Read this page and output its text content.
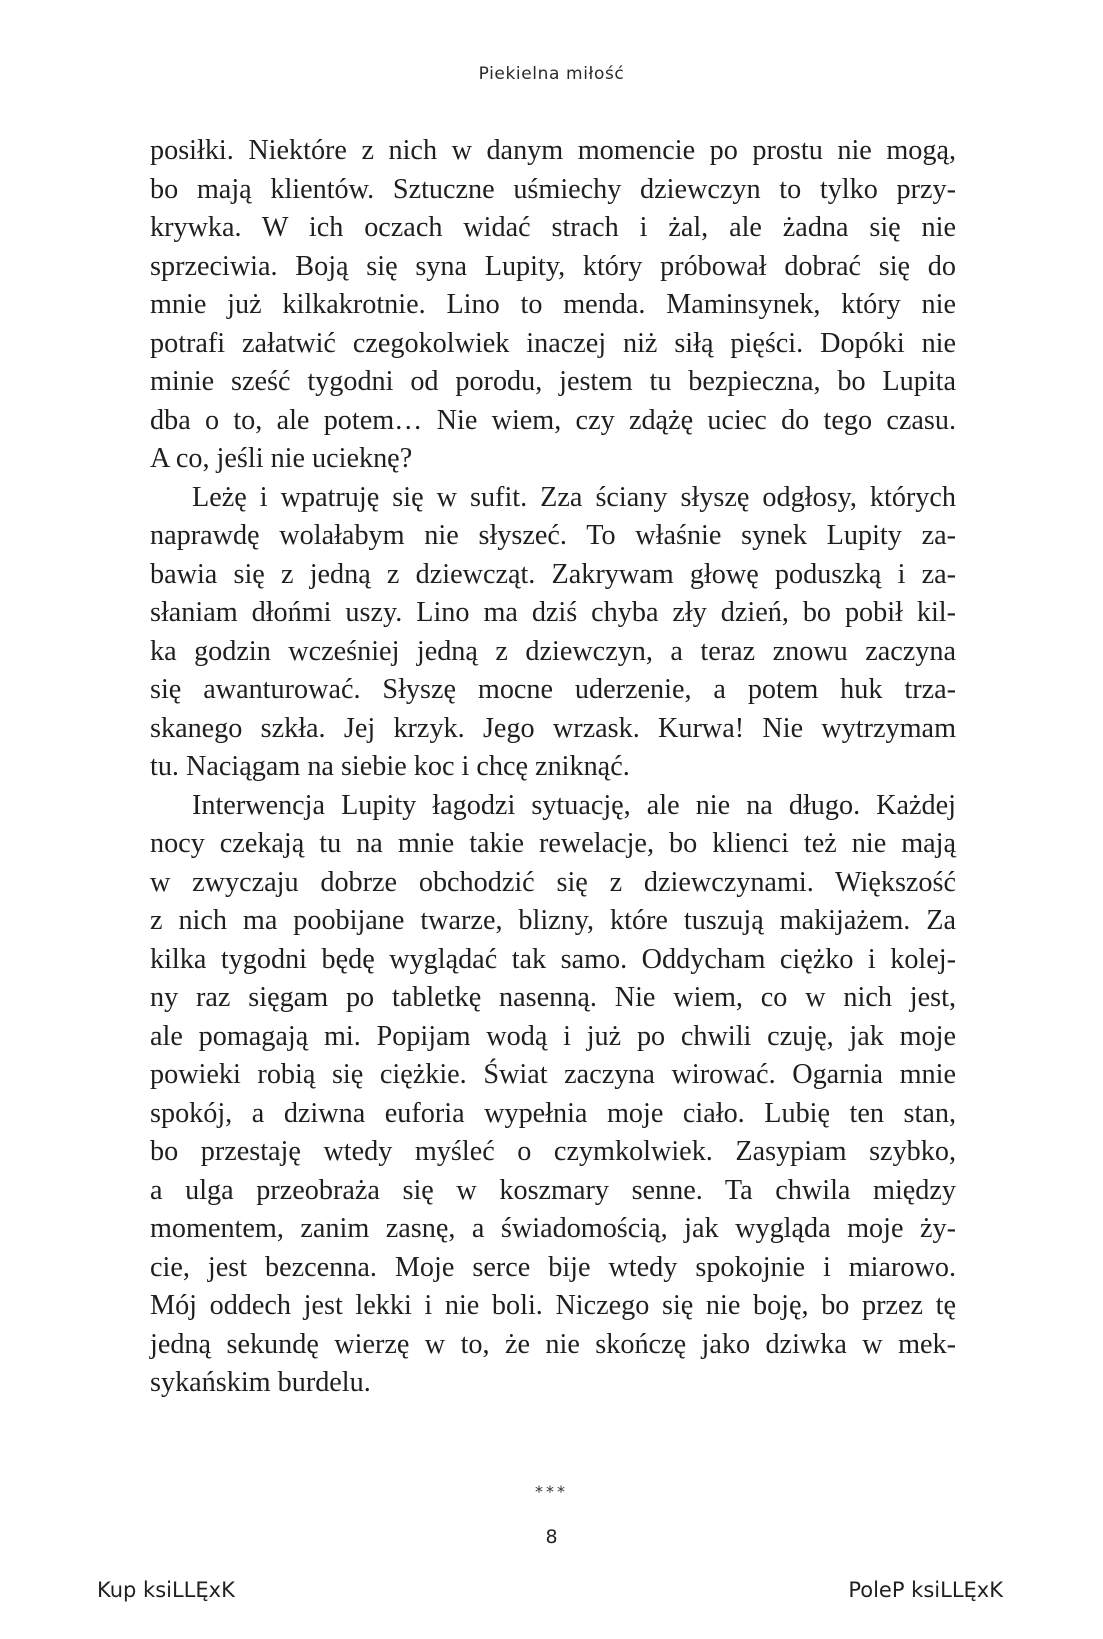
Piekielna miłość
posiłki. Niektóre z nich w danym momencie po prostu nie mogą,
bo mają klientów. Sztuczne uśmiechy dziewczyn to tylko przy-
krywka. W ich oczach widać strach i żal, ale żadna się nie
sprzeciwia. Boją się syna Lupity, który próbował dobrać się do
mnie już kilkakrotnie. Lino to menda. Maminsynek, który nie
potrafi załatwić czegokolwiek inaczej niż siłą pięści. Dopóki nie
minie sześć tygodni od porodu, jestem tu bezpieczna, bo Lupita
dba o to, ale potem… Nie wiem, czy zdążę uciec do tego czasu.
A co, jeśli nie ucieknę?
Leżę i wpatruję się w sufit. Zza ściany słyszę odgłosy, których
naprawdę wolałabym nie słyszeć. To właśnie synek Lupity za-
bawia się z jedną z dziewcząt. Zakrywam głowę poduszką i za-
słaniam dłońmi uszy. Lino ma dziś chyba zły dzień, bo pobił kil-
ka godzin wcześniej jedną z dziewczyn, a teraz znowu zaczyna
się awanturować. Słyszę mocne uderzenie, a potem huk trza-
skanego szkła. Jej krzyk. Jego wrzask. Kurwa! Nie wytrzymam
tu. Naciągam na siebie koc i chcę zniknąć.
Interwencja Lupity łagodzi sytuację, ale nie na długo. Każdej
nocy czekają tu na mnie takie rewelacje, bo klienci też nie mają
w zwyczaju dobrze obchodzić się z dziewczynami. Większość
z nich ma poobijane twarze, blizny, które tuszują makijażem. Za
kilka tygodni będę wyglądać tak samo. Oddycham ciężko i kolej-
ny raz sięgam po tabletkę nasenną. Nie wiem, co w nich jest,
ale pomagają mi. Popijam wodą i już po chwili czuję, jak moje
powieki robią się ciężkie. Świat zaczyna wirować. Ogarnia mnie
spokój, a dziwna euforia wypełnia moje ciało. Lubię ten stan,
bo przestaję wtedy myśleć o czymkolwiek. Zasypiam szybko,
a ulga przeobraża się w koszmary senne. Ta chwila między
momentem, zanim zasnę, a świadomością, jak wygląda moje ży-
cie, jest bezcenna. Moje serce bije wtedy spokojnie i miarowo.
Mój oddech jest lekki i nie boli. Niczego się nie boję, bo przez tę
jedną sekundę wierzę w to, że nie skończę jako dziwka w mek-
sykańskim burdelu.
***
8
Kup ksiLLĘxK	PoleP ksiLLĘxK
